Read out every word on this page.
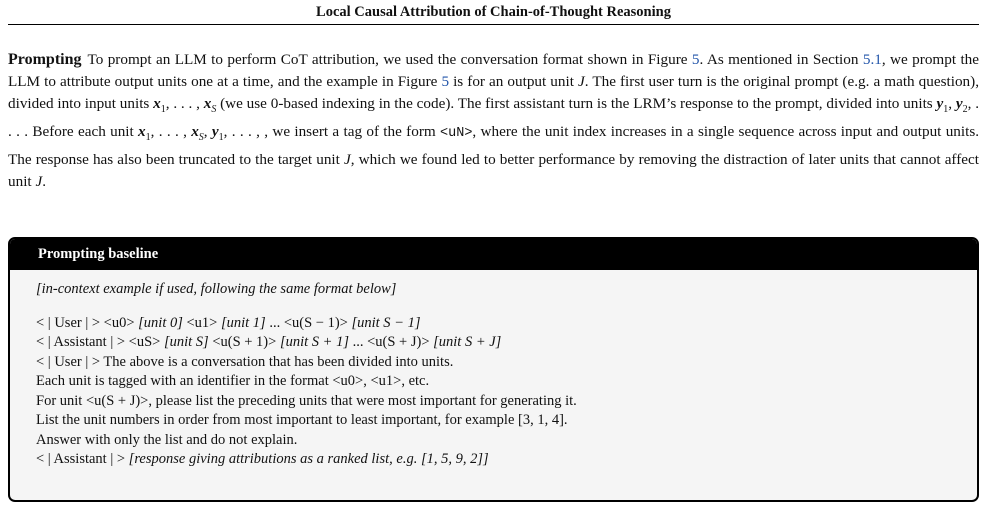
Local Causal Attribution of Chain-of-Thought Reasoning

Prompting To prompt an LLM to perform CoT attribution, we used the conversation format shown in Figure 5. As mentioned in Section 5.1, we prompt the LLM to attribute output units one at a time, and the example in Figure 5 is for an output unit J. The first user turn is the original prompt (e.g. a math question), divided into input units $x_1$, . . . , $x_S$ (we use 0-based indexing in the code). The first assistant turn is the LRM’s response to the prompt, divided into units $y_1$, $y_2$, . . . . Before each unit $x_1$, . . . , $x_S$, $y_1$, . . . , , we insert a tag of the form <uN>, where the unit index increases in a single sequence across input and output units. The response has also been truncated to the target unit J, which we found led to better performance by removing the distraction of later units that cannot affect unit J.

Prompting baseline
[in-context example if used, following the same format below]
< | User | > <u0> [unit 0] <u1> [unit 1] ... <u(S − 1)> [unit S − 1]
< | Assistant | > <uS> [unit S] <u(S + 1)> [unit S + 1] ... <u(S + J)> [unit S + J]
< | User | > The above is a conversation that has been divided into units.
Each unit is tagged with an identifier in the format <u0>, <u1>, etc.
For unit <u(S + J)>, please list the preceding units that were most important for generating it.
List the unit numbers in order from most important to least important, for example [3, 1, 4].
Answer with only the list and do not explain.
< | Assistant | > [response giving attributions as a ranked list, e.g. [1, 5, 9, 2]]
